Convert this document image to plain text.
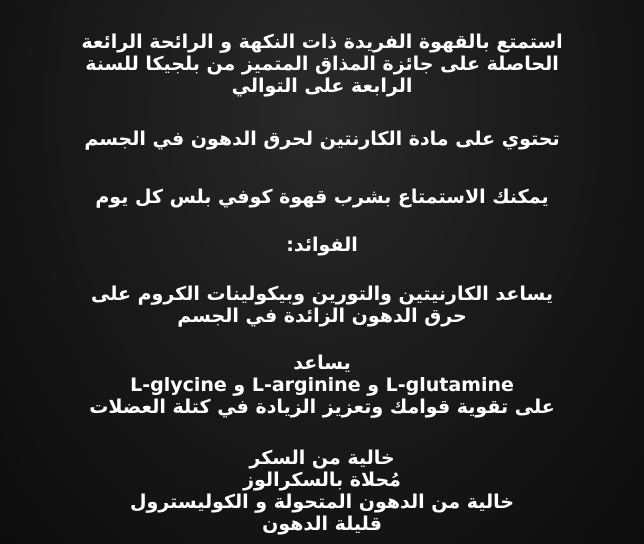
استمتع بالقهوة الفريدة ذات النكهة و الرائحة الرائعة
الحاصلة على جائزة المذاق المتميز من بلجيكا للسنة
الرابعة على التوالي
تحتوي على مادة الكارنتين لحرق الدهون في الجسم
يمكنك الاستمتاع بشرب قهوة كوفي بلس كل يوم
الفوائد:
يساعد الكارنيتين والتورين وبيكولينات الكروم على
حرق الدهون الزائدة في الجسم
يساعد
L-glycine و L-arginine و L-glutamine
على تقوية قوامك وتعزيز الزيادة في كتلة العضلات
خالية من السكر
مُحلاة بالسكرالوز
خالية من الدهون المتحولة و الكوليسترول
قليلة الدهون
